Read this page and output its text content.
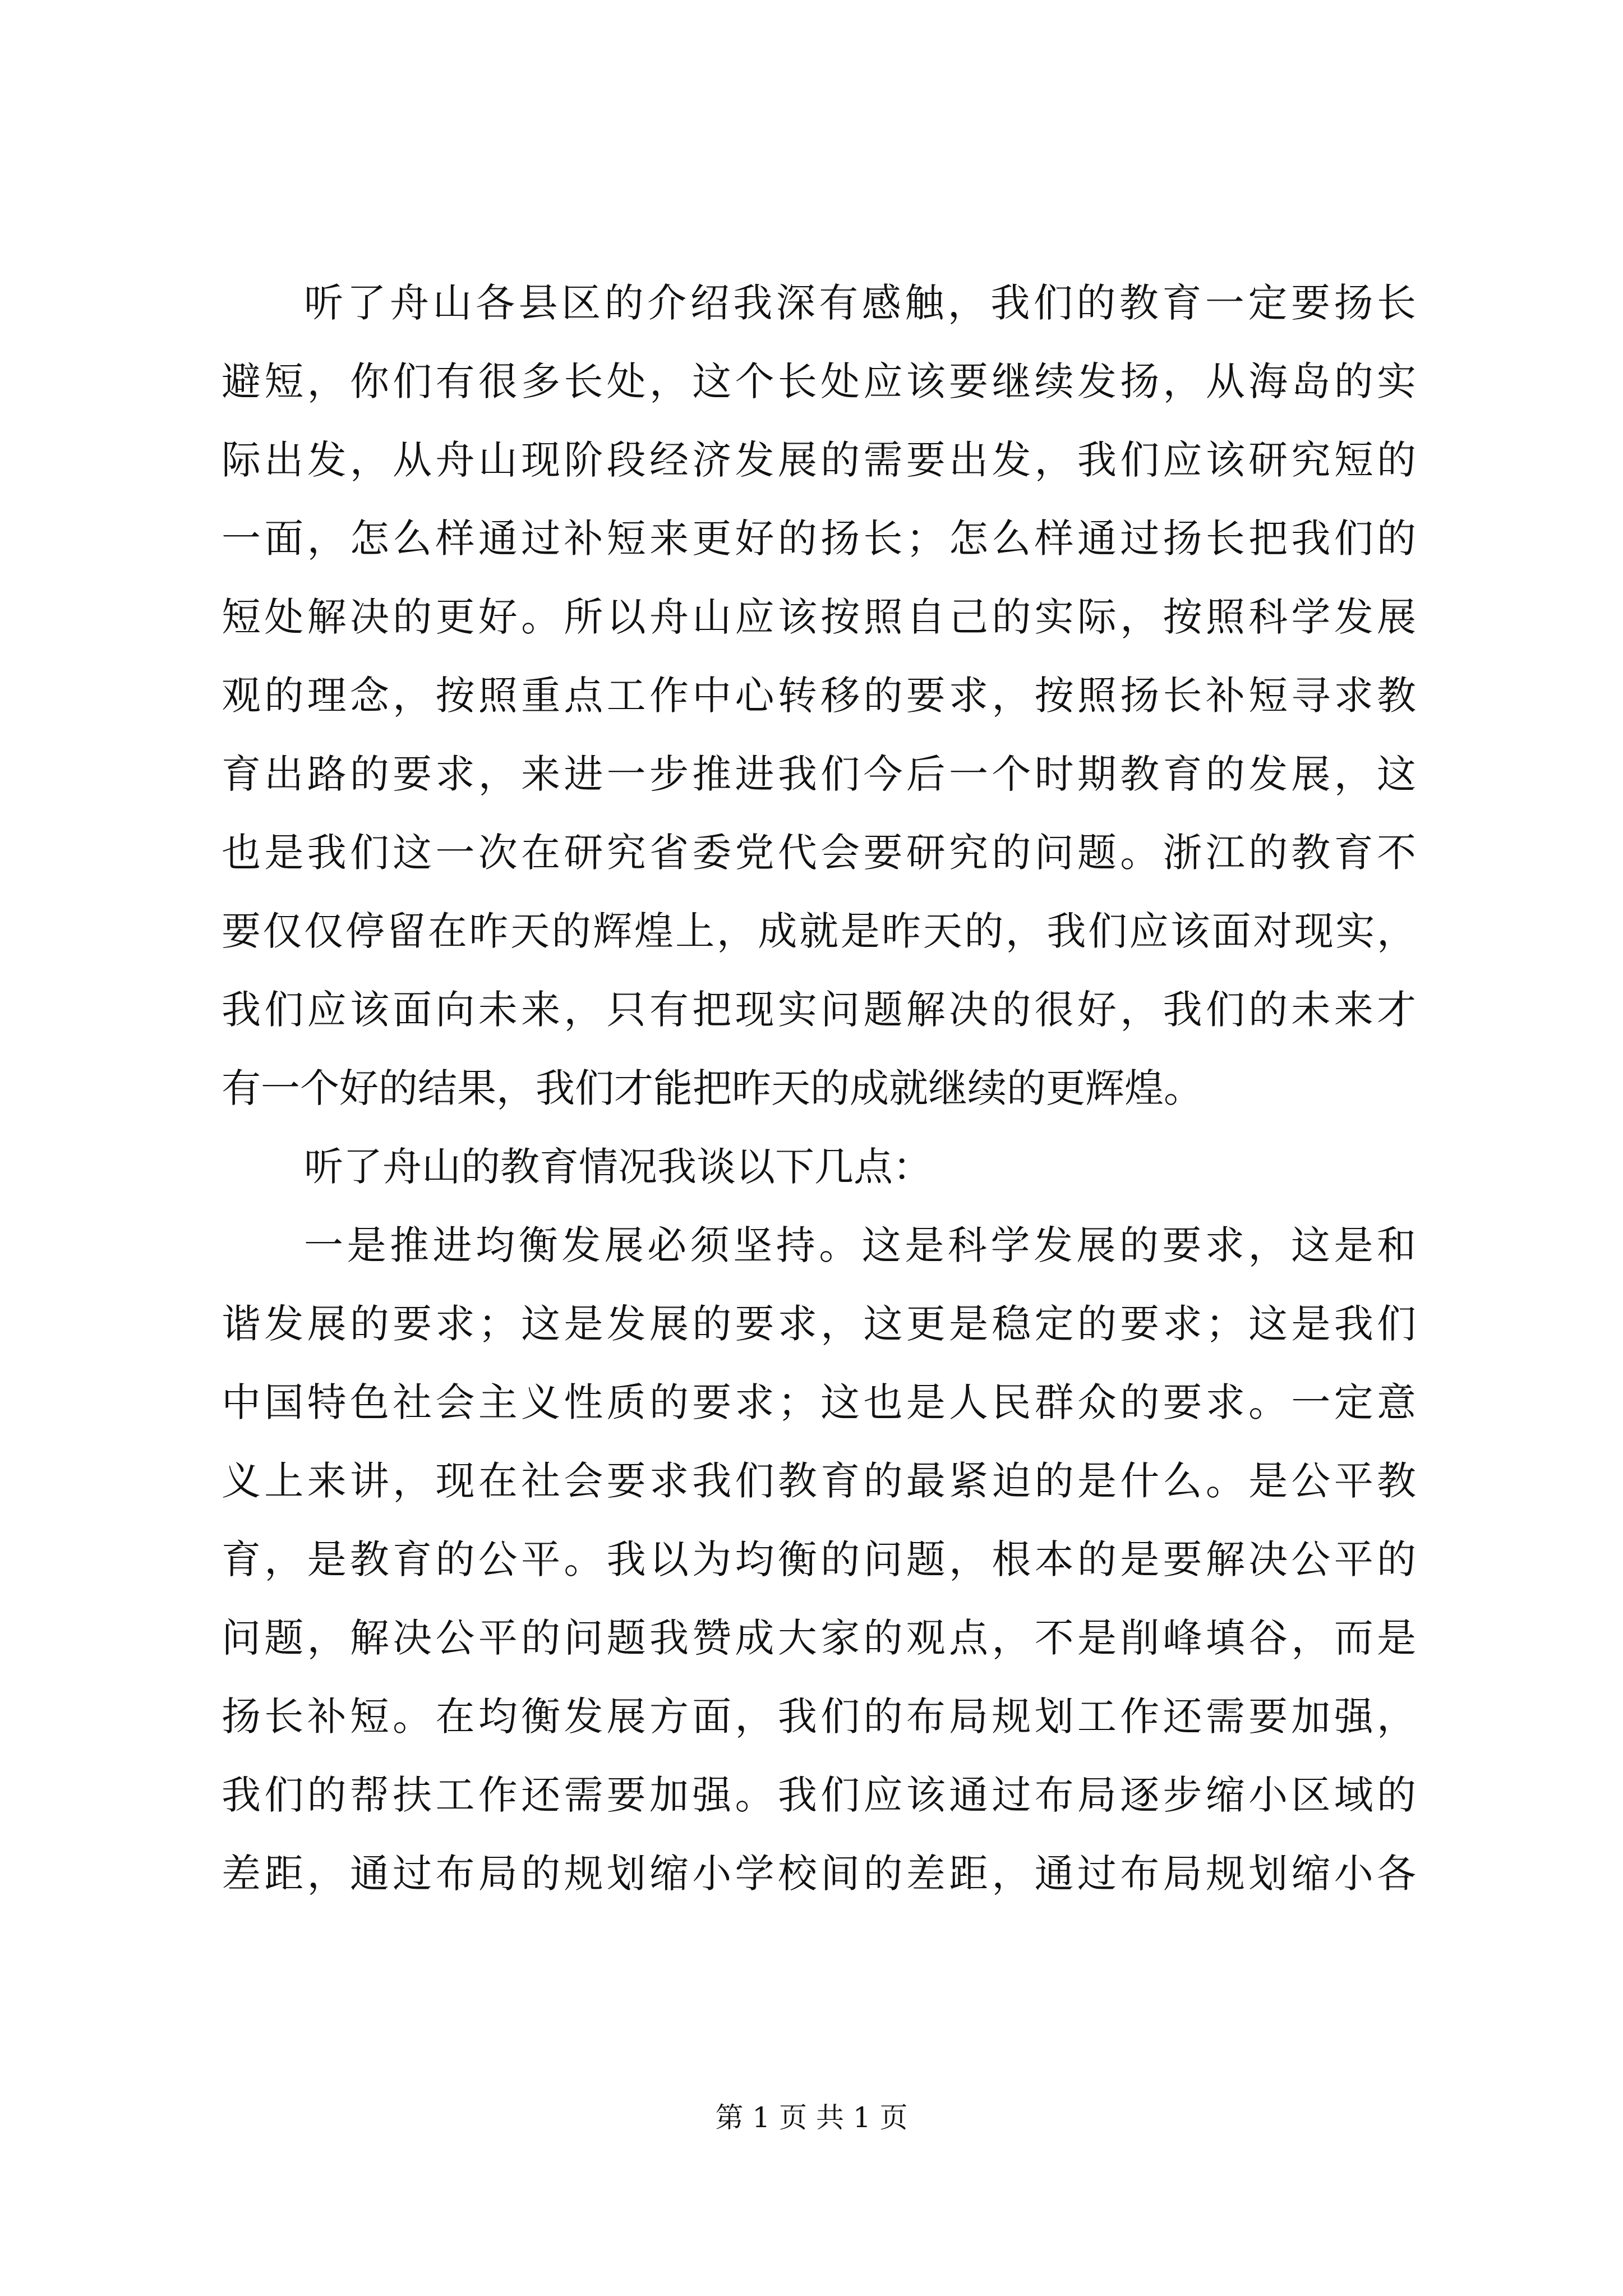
听了舟山各县区的介绍我深有感触，我们的教育一定要扬长
避短，你们有很多长处，这个长处应该要继续发扬，从海岛的实
际出发，从舟山现阶段经济发展的需要出发，我们应该研究短的
一面，怎么样通过补短来更好的扬长；怎么样通过扬长把我们的
短处解决的更好。所以舟山应该按照自己的实际，按照科学发展
观的理念，按照重点工作中心转移的要求，按照扬长补短寻求教
育出路的要求，来进一步推进我们今后一个时期教育的发展，这
也是我们这一次在研究省委党代会要研究的问题。浙江的教育不
要仅仅停留在昨天的辉煌上，成就是昨天的，我们应该面对现实，
我们应该面向未来，只有把现实问题解决的很好，我们的未来才
有一个好的结果，我们才能把昨天的成就继续的更辉煌。
听了舟山的教育情况我谈以下几点：
一是推进均衡发展必须坚持。这是科学发展的要求，这是和
谐发展的要求；这是发展的要求，这更是稳定的要求；这是我们
中国特色社会主义性质的要求；这也是人民群众的要求。一定意
义上来讲，现在社会要求我们教育的最紧迫的是什么。是公平教
育，是教育的公平。我以为均衡的问题，根本的是要解决公平的
问题，解决公平的问题我赞成大家的观点，不是削峰填谷，而是
扬长补短。在均衡发展方面，我们的布局规划工作还需要加强，
我们的帮扶工作还需要加强。我们应该通过布局逐步缩小区域的
差距，通过布局的规划缩小学校间的差距，通过布局规划缩小各
第 1 页 共 1 页
